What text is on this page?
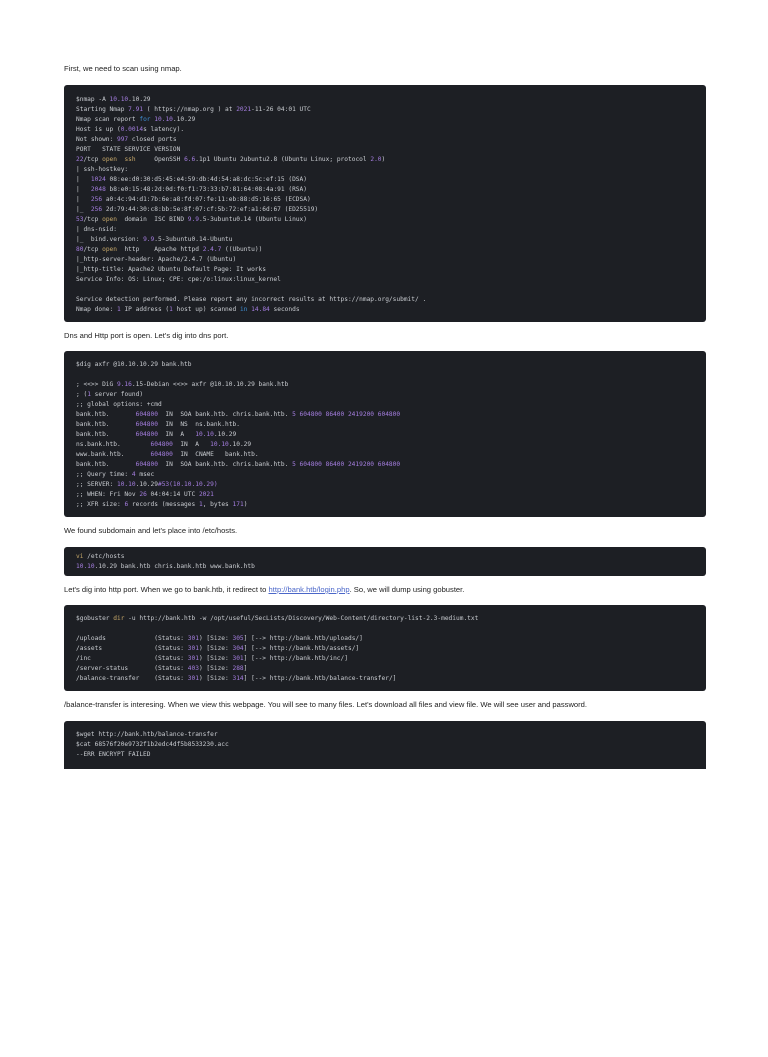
First, we need to scan using nmap.

$nmap -A 10.10.10.29
Starting Nmap 7.91 ( https://nmap.org ) at 2021-11-26 04:01 UTC
Nmap scan report for 10.10.10.29
Host is up (0.0014s latency).
Not shown: 997 closed ports
PORT   STATE SERVICE VERSION
22/tcp open ssh     OpenSSH 6.6.1p1 Ubuntu 2ubuntu2.8 (Ubuntu Linux; protocol 2.0)
| ssh-hostkey:
|   1024 08:ee:d0:30:d5:45:e4:59:db:4d:54:a8:dc:5c:ef:15 (DSA)
|   2048 b8:e0:15:48:2d:0d:f0:f1:73:33:b7:81:64:08:4a:91 (RSA)
|   256 a0:4c:94:d1:7b:6e:a8:fd:07:fe:11:eb:88:d5:16:65 (ECDSA)
|_  256 2d:79:44:30:c8:bb:5e:8f:07:cf:5b:72:ef:a1:6d:67 (ED25519)
53/tcp open  domain  ISC BIND 9.9.5-3ubuntu0.14 (Ubuntu Linux)
| dns-nsid:
|_  bind.version: 9.9.5-3ubuntu0.14-Ubuntu
80/tcp open  http    Apache httpd 2.4.7 ((Ubuntu))
|_http-server-header: Apache/2.4.7 (Ubuntu)
|_http-title: Apache2 Ubuntu Default Page: It works
Service Info: OS: Linux; CPE: cpe:/o:linux:linux_kernel
Service detection performed. Please report any incorrect results at https://nmap.org/submit/ .
Nmap done: 1 IP address (1 host up) scanned in 14.84 seconds

Dns and Http port is open. Let's dig into dns port.

$dig axfr @10.10.10.29 bank.htb
; <<>> DiG 9.16.15-Debian <<>> axfr @10.10.10.29 bank.htb
; (1 server found)
;; global options: +cmd
bank.htb.       604800  IN  SOA bank.htb. chris.bank.htb. 5 604800 86400 2419200 604800
bank.htb.       604800  IN  NS  ns.bank.htb.
bank.htb.       604800  IN  A   10.10.10.29
ns.bank.htb.        604800  IN  A   10.10.10.29
www.bank.htb.       604800  IN  CNAME   bank.htb.
bank.htb.       604800  IN  SOA bank.htb. chris.bank.htb. 5 604800 86400 2419200 604800
;; Query time: 4 msec
;; SERVER: 10.10.10.29#53(10.10.10.29)
;; WHEN: Fri Nov 26 04:04:14 UTC 2021
;; XFR size: 6 records (messages 1, bytes 171)

We found subdomain and let's place into /etc/hosts.

vi /etc/hosts
10.10.10.29 bank.htb chris.bank.htb www.bank.htb

Let's dig into http port. When we go to bank.htb, it redirect to http://bank.htb/login.php. So, we will dump using gobuster.

$gobuster dir -u http://bank.htb -w /opt/useful/SecLists/Discovery/Web-Content/directory-list-2.3-medium.txt
/uploads             (Status: 301) [Size: 305] [--> http://bank.htb/uploads/]
/assets              (Status: 301) [Size: 304] [--> http://bank.htb/assets/]
/inc                 (Status: 301) [Size: 301] [--> http://bank.htb/inc/]
/server-status       (Status: 403) [Size: 288]
/balance-transfer    (Status: 301) [Size: 314] [--> http://bank.htb/balance-transfer/]

/balance-transfer is interesing. When we view this webpage. You will see to many files. Let's download all files and view file. We will see user and password.

$wget http://bank.htb/balance-transfer
$cat 68576f20e9732f1b2edc4df5b8533230.acc
--ERR ENCRYPT FAILED
